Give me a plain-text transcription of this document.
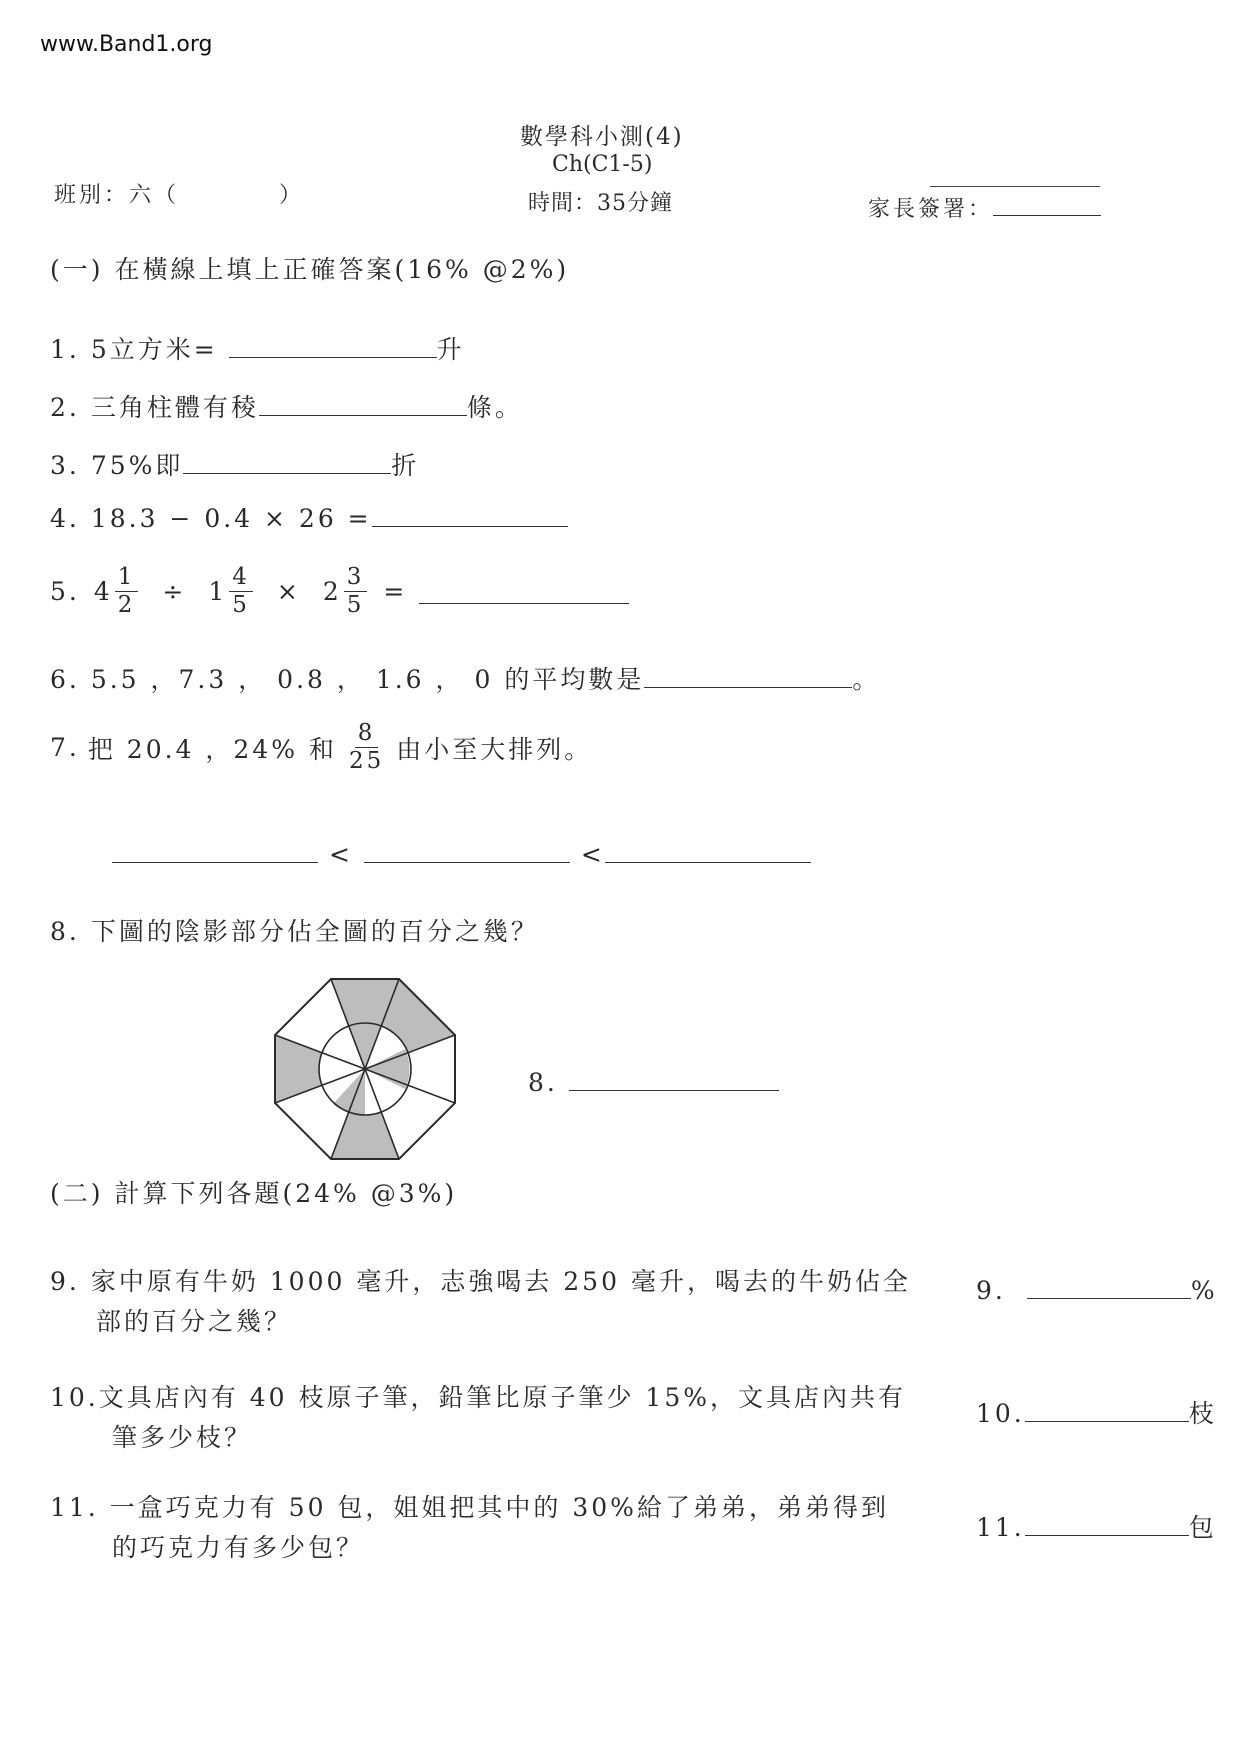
www.Band1.org
數學科小測(4)
Ch(C1-5)
時間：35分鐘
班別：六（	）
家長簽署：
(一) 在橫線上填上正確答案(16% @2%)
1. 5立方米=	升
2. 三角柱體有稜	條。
3. 75%即	折
4. 18.3 − 0.4 × 26 =
5. $4 \frac{1}{2} \div 1 \frac{4}{5} \times 2 \frac{3}{5}$ =
6. 5.5 ，7.3 ， 0.8 ， 1.6 ， 0 的平均數是	。
7. 把 20.4 ，24% 和 $\frac{8}{25}$ 由小至大排列。
<	<
8. 下圖的陰影部分佔全圖的百分之幾？
8.
(二) 計算下列各題(24% @3%)
9. 家中原有牛奶 1000 毫升，志強喝去 250 毫升，喝去的牛奶佔全
部的百分之幾？
9.	%
10.文具店內有 40 枝原子筆，鉛筆比原子筆少 15%，文具店內共有
筆多少枝？
10.	枝
11. 一盒巧克力有 50 包，姐姐把其中的 30%給了弟弟，弟弟得到
的巧克力有多少包？
11.	包
